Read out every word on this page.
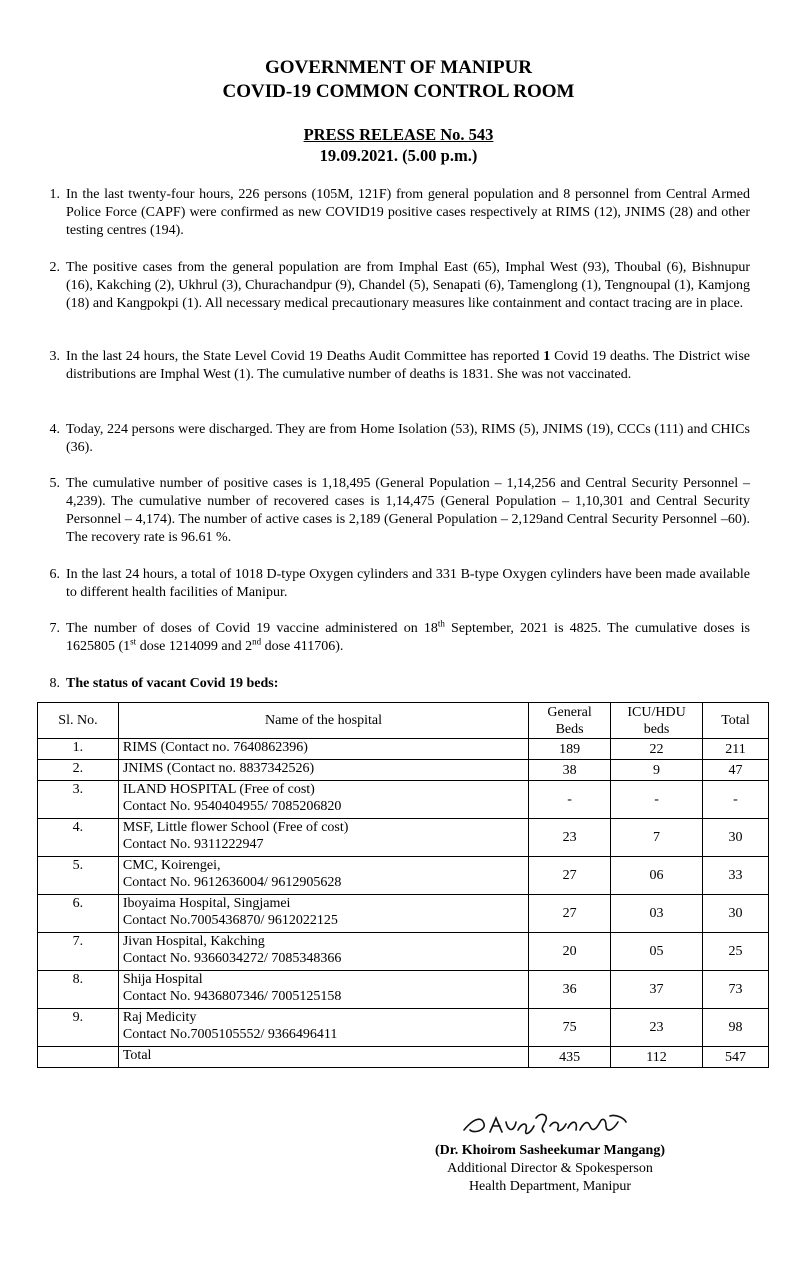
GOVERNMENT OF MANIPUR
COVID-19 COMMON CONTROL ROOM
PRESS RELEASE No. 543
19.09.2021. (5.00 p.m.)
1. In the last twenty-four hours, 226 persons (105M, 121F) from general population and 8 personnel from Central Armed Police Force (CAPF) were confirmed as new COVID19 positive cases respectively at RIMS (12), JNIMS (28) and other testing centres (194).
2. The positive cases from the general population are from Imphal East (65), Imphal West (93), Thoubal (6), Bishnupur (16), Kakching (2), Ukhrul (3), Churachandpur (9), Chandel (5), Senapati (6), Tamenglong (1), Tengnoupal (1), Kamjong (18) and Kangpokpi (1). All necessary medical precautionary measures like containment and contact tracing are in place.
3. In the last 24 hours, the State Level Covid 19 Deaths Audit Committee has reported 1 Covid 19 deaths. The District wise distributions are Imphal West (1). The cumulative number of deaths is 1831. She was not vaccinated.
4. Today, 224 persons were discharged. They are from Home Isolation (53), RIMS (5), JNIMS (19), CCCs (111) and CHICs (36).
5. The cumulative number of positive cases is 1,18,495 (General Population – 1,14,256 and Central Security Personnel – 4,239). The cumulative number of recovered cases is 1,14,475 (General Population – 1,10,301 and Central Security Personnel – 4,174). The number of active cases is 2,189 (General Population – 2,129and Central Security Personnel –60). The recovery rate is 96.61 %.
6. In the last 24 hours, a total of 1018 D-type Oxygen cylinders and 331 B-type Oxygen cylinders have been made available to different health facilities of Manipur.
7. The number of doses of Covid 19 vaccine administered on 18th September, 2021 is 4825. The cumulative doses is 1625805 (1st dose 1214099 and 2nd dose 411706).
8. The status of vacant Covid 19 beds:
Sl. No.	Name of the hospital	General Beds	ICU/HDU beds	Total
1.	RIMS (Contact no. 7640862396)	189	22	211
2.	JNIMS (Contact no. 8837342526)	38	9	47
3.	ILAND HOSPITAL (Free of cost)
Contact No. 9540404955/ 7085206820	-	-	-
4.	MSF, Little flower School (Free of cost)
Contact No. 9311222947	23	7	30
5.	CMC, Koirengei,
Contact No. 9612636004/ 9612905628	27	06	33
6.	Iboyaima Hospital, Singjamei
Contact No.7005436870/ 9612022125	27	03	30
7.	Jivan Hospital, Kakching
Contact No. 9366034272/ 7085348366	20	05	25
8.	Shija Hospital
Contact No. 9436807346/ 7005125158	36	37	73
9.	Raj Medicity
Contact No.7005105552/ 9366496411	75	23	98
	Total	435	112	547
(Dr. Khoirom Sasheekumar Mangang)
Additional Director & Spokesperson
Health Department, Manipur
